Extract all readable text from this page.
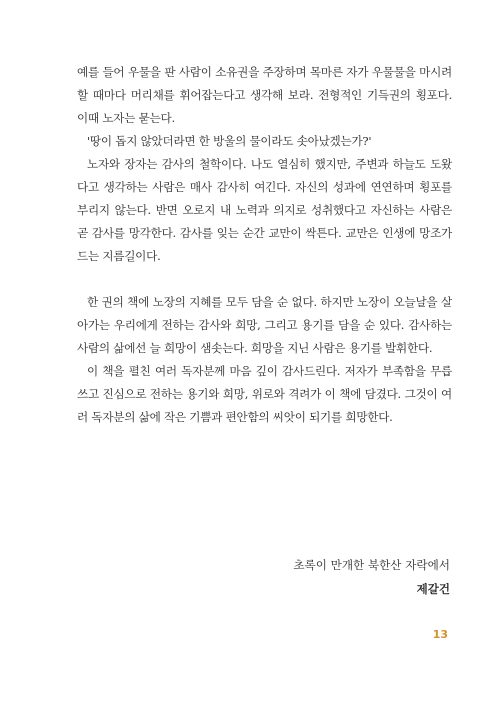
예를 들어 우물을 판 사람이 소유권을 주장하며 목마른 자가 우물물을 마시려 할 때마다 머리채를 휘어잡는다고 생각해 보라. 전형적인 기득권의 횡포다. 이때 노자는 묻는다.

'땅이 돕지 않았더라면 한 방울의 물이라도 솟아났겠는가?'

노자와 장자는 감사의 철학이다. 나도 열심히 했지만, 주변과 하늘도 도왔다고 생각하는 사람은 매사 감사히 여긴다. 자신의 성과에 연연하며 횡포를 부리지 않는다. 반면 오로지 내 노력과 의지로 성취했다고 자신하는 사람은 곧 감사를 망각한다. 감사를 잊는 순간 교만이 싹튼다. 교만은 인생에 망조가 드는 지름길이다.

한 권의 책에 노장의 지혜를 모두 담을 순 없다. 하지만 노장이 오늘날을 살아가는 우리에게 전하는 감사와 희망, 그리고 용기를 담을 순 있다. 감사하는 사람의 삶에선 늘 희망이 샘솟는다. 희망을 지닌 사람은 용기를 발휘한다.

이 책을 펼친 여러 독자분께 마음 깊이 감사드린다. 저자가 부족함을 무릅쓰고 진심으로 전하는 용기와 희망, 위로와 격려가 이 책에 담겼다. 그것이 여러 독자분의 삶에 작은 기쁨과 편안함의 씨앗이 되기를 희망한다.

초록이 만개한 북한산 자락에서
제갈건
13
